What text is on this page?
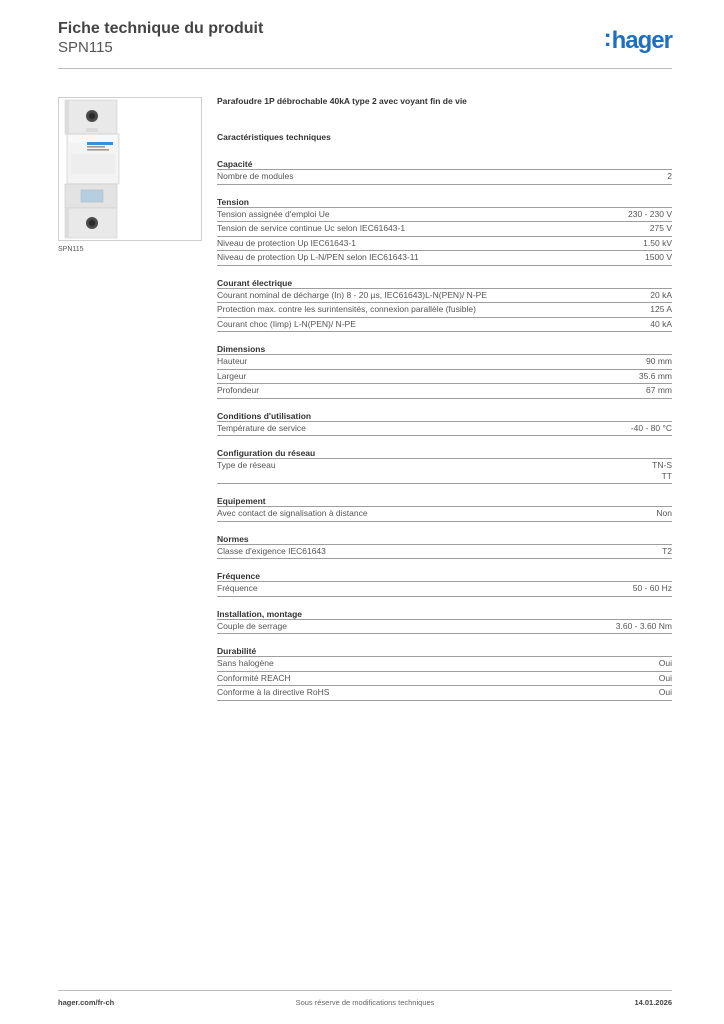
Fiche technique du produit
SPN115	:hager
SPN115
Parafoudre 1P débrochable 40kA type 2 avec voyant fin de vie
Caractéristiques techniques
Capacité
Nombre de modules	2
Tension
Tension assignée d'emploi Ue	230 - 230 V
Tension de service continue Uc selon IEC61643-1	275 V
Niveau de protection Up IEC61643-1	1.50 kV
Niveau de protection Up L-N/PEN selon IEC61643-11	1500 V
Courant électrique
Courant nominal de décharge (In) 8 - 20 µs, IEC61643)L-N(PEN)/ N-PE	20 kA
Protection max. contre les surintensités, connexion parallèle (fusible)	125 A
Courant choc (Iimp) L-N(PEN)/ N-PE	40 kA
Dimensions
Hauteur	90 mm
Largeur	35.6 mm
Profondeur	67 mm
Conditions d'utilisation
Température de service	-40 - 80 °C
Configuration du réseau
Type de réseau	TN-S
TT
Equipement
Avec contact de signalisation à distance	Non
Normes
Classe d'exigence IEC61643	T2
Fréquence
Fréquence	50 - 60 Hz
Installation, montage
Couple de serrage	3.60 - 3.60 Nm
Durabilité
Sans halogène	Oui
Conformité REACH	Oui
Conforme à la directive RoHS	Oui
hager.com/fr-ch	Sous réserve de modifications techniques	14.01.2026
